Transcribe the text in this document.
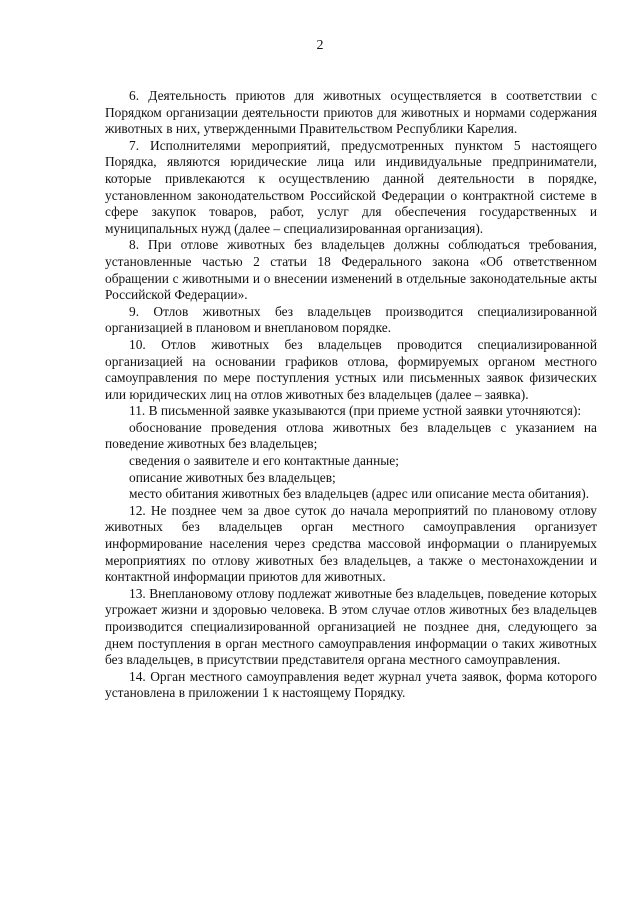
2

6. Деятельность приютов для животных осуществляется в соответствии с Порядком организации деятельности приютов для животных и нормами содержания животных в них, утвержденными Правительством Республики Карелия.

7. Исполнителями мероприятий, предусмотренных пунктом 5 настоящего Порядка, являются юридические лица или индивидуальные предприниматели, которые привлекаются к осуществлению данной деятельности в порядке, установленном законодательством Российской Федерации о контрактной системе в сфере закупок товаров, работ, услуг для обеспечения государственных и муниципальных нужд (далее – специализированная организация).

8. При отлове животных без владельцев должны соблюдаться требования, установленные частью 2 статьи 18 Федерального закона «Об ответственном обращении с животными и о внесении изменений в отдельные законодательные акты Российской Федерации».

9. Отлов животных без владельцев производится специализированной организацией в плановом и внеплановом порядке.

10. Отлов животных без владельцев проводится специализированной организацией на основании графиков отлова, формируемых органом местного самоуправления по мере поступления устных или письменных заявок физических или юридических лиц на отлов животных без владельцев (далее – заявка).

11. В письменной заявке указываются (при приеме устной заявки уточняются):

обоснование проведения отлова животных без владельцев с указанием на поведение животных без владельцев;

сведения о заявителе и его контактные данные;

описание животных без владельцев;

место обитания животных без владельцев (адрес или описание места обитания).

12. Не позднее чем за двое суток до начала мероприятий по плановому отлову животных без владельцев орган местного самоуправления организует информирование населения через средства массовой информации о планируемых мероприятиях по отлову животных без владельцев, а также о местонахождении и контактной информации приютов для животных.

13. Внеплановому отлову подлежат животные без владельцев, поведение которых угрожает жизни и здоровью человека. В этом случае отлов животных без владельцев производится специализированной организацией не позднее дня, следующего за днем поступления в орган местного самоуправления информации о таких животных без владельцев, в присутствии представителя органа местного самоуправления.

14. Орган местного самоуправления ведет журнал учета заявок, форма которого установлена в приложении 1 к настоящему Порядку.
